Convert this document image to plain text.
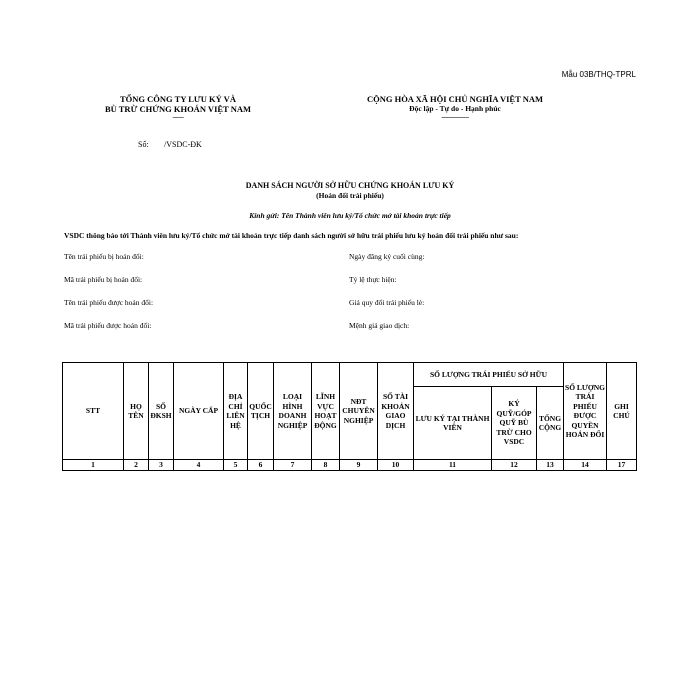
Mẫu 03B/THQ-TPRL
TỔNG CÔNG TY LƯU KÝ VÀ
BÙ TRỪ CHỨNG KHOÁN VIỆT NAM
------
CỘNG HÒA XÃ HỘI CHỦ NGHĨA VIỆT NAM
Độc lập - Tự do - Hạnh phúc
---------------
Số: /VSDC-ĐK
DANH SÁCH NGƯỜI SỞ HỮU CHỨNG KHOÁN LƯU KÝ
(Hoán đổi trái phiếu)
Kính gửi: Tên Thành viên lưu ký/Tổ chức mở tài khoản trực tiếp
VSDC thông báo tới Thành viên lưu ký/Tổ chức mở tài khoản trực tiếp danh sách người sở hữu trái phiếu lưu ký hoán đổi trái phiếu như sau:
Tên trái phiếu bị hoán đổi:
Mã trái phiếu bị hoán đổi:
Tên trái phiếu được hoán đổi:
Mã trái phiếu được hoán đổi:
Ngày đăng ký cuối cùng:
Tỷ lệ thực hiện:
Giá quy đổi trái phiếu lẻ:
Mệnh giá giao dịch:
STT	HỌ TÊN	SỐ ĐKSH	NGÀY CẤP	ĐỊA CHỈ LIÊN HỆ	QUỐC TỊCH	LOẠI HÌNH DOANH NGHIỆP	LĨNH VỰC HOẠT ĐỘNG	NĐT CHUYÊN NGHIỆP	SỐ TÀI KHOẢN GIAO DỊCH	SỐ LƯỢNG TRÁI PHIẾU SỞ HỮU			SỐ LƯỢNG TRÁI PHIẾU ĐƯỢC QUYỀN HOÁN ĐỔI	GHI CHÚ
										LƯU KÝ TẠI THÀNH VIÊN	KÝ QUỸ/GÓP QUỸ BÙ TRỪ CHO VSDC	TỔNG CỘNG		
1	2	3	4	5	6	7	8	9	10	11	12	13	14	17
